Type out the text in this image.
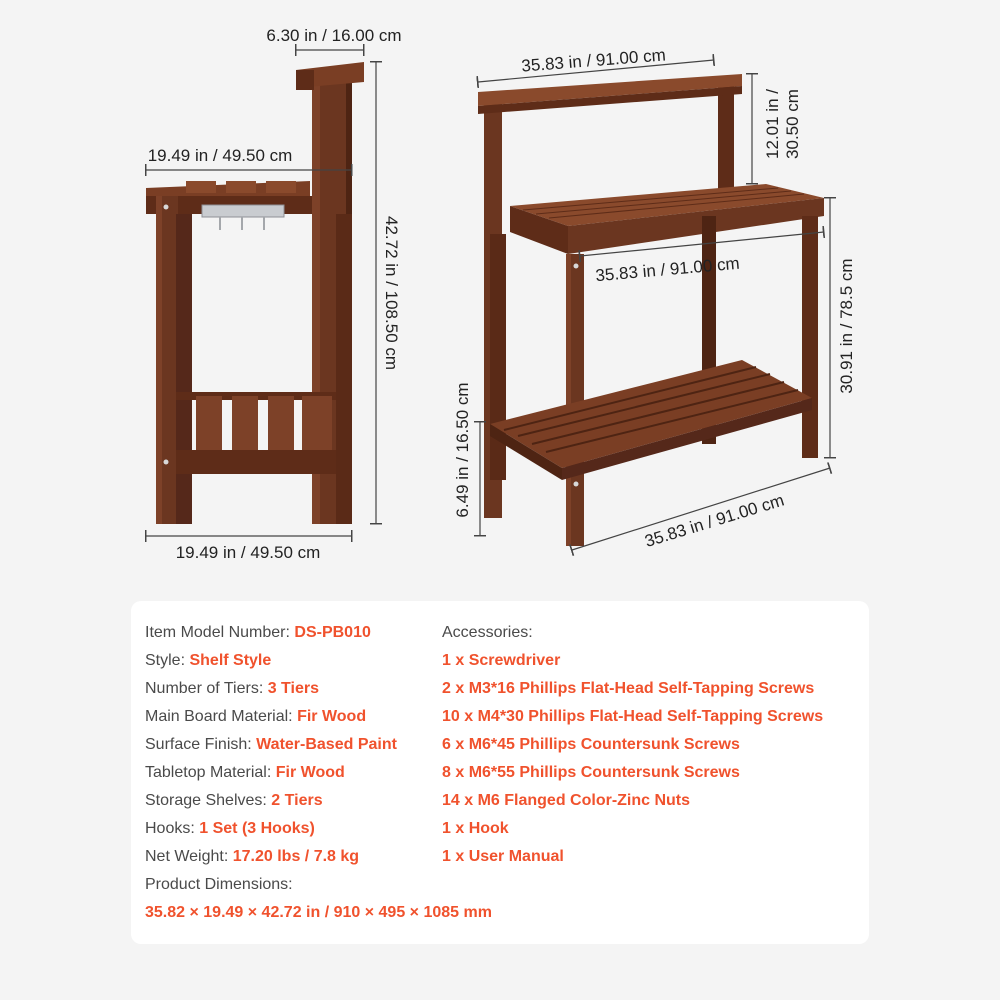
6.30 in / 16.00 cm
19.49 in / 49.50 cm
42.72 in / 108.50 cm
19.49 in / 49.50 cm
35.83 in / 91.00 cm
12.01 in /30.50 cm
35.83 in / 91.00 cm	30.91 in / 78.5 cm
6.49 in / 16.50 cm
35.83 in / 91.00 cm
Item Model Number: DS-PB010
Style: Shelf Style
Number of Tiers: 3 Tiers
Main Board Material: Fir Wood
Surface Finish: Water-Based Paint
Tabletop Material: Fir Wood
Storage Shelves: 2 Tiers
Hooks: 1 Set (3 Hooks)
Net Weight: 17.20 lbs / 7.8 kg
Accessories:
1 x Screwdriver
2 x M3*16 Phillips Flat-Head Self-Tapping Screws
10 x M4*30 Phillips Flat-Head Self-Tapping Screws
6 x M6*45 Phillips Countersunk Screws
8 x M6*55 Phillips Countersunk Screws
14 x M6 Flanged Color-Zinc Nuts
1 x Hook
1 x User Manual
Product Dimensions:
35.82 × 19.49 × 42.72 in / 910 × 495 × 1085 mm
